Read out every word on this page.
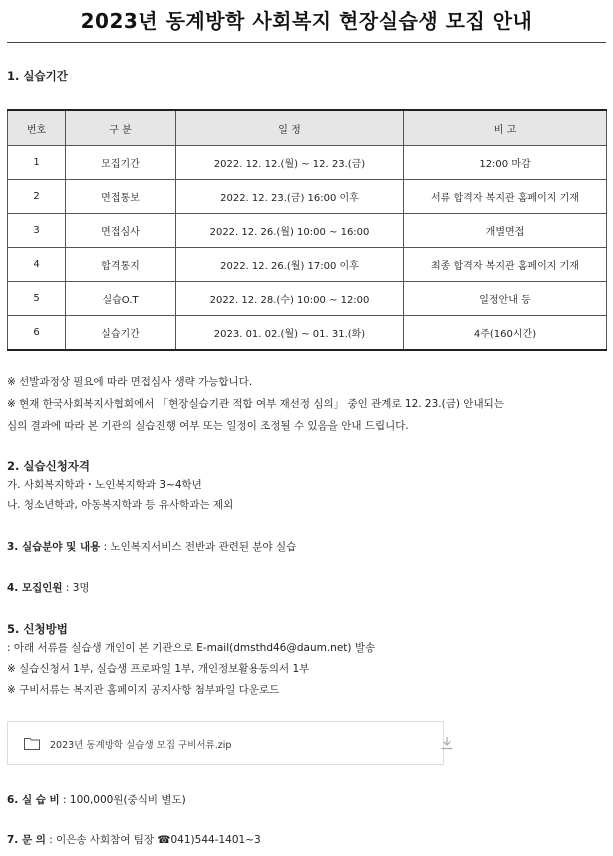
2023년 동계방학 사회복지 현장실습생 모집 안내
1. 실습기간
번호	구 분	일 정	비 고
1	모집기간	2022. 12. 12.(월) ~ 12. 23.(금)	12:00 마감
2	면접통보	2022. 12. 23.(금) 16:00 이후	서류 합격자 복지관 홈페이지 기재
3	면접심사	2022. 12. 26.(월) 10:00 ~ 16:00	개별면접
4	합격통지	2022. 12. 26.(월) 17:00 이후	최종 합격자 복지관 홈페이지 기재
5	실습O.T	2022. 12. 28.(수) 10:00 ~ 12:00	일정안내 등
6	실습기간	2023. 01. 02.(월) ~ 01. 31.(화)	4주(160시간)
※ 선발과정상 필요에 따라 면접심사 생략 가능합니다.
※ 현재 한국사회복지사협회에서 「현장실습기관 적합 여부 재선정 심의」 중인 관계로 12. 23.(금) 안내되는
심의 결과에 따라 본 기관의 실습진행 여부 또는 일정이 조정될 수 있음을 안내 드립니다.
2. 실습신청자격
가. 사회복지학과・노인복지학과 3~4학년
나. 청소년학과, 아동복지학과 등 유사학과는 제외
3. 실습분야 및 내용 : 노인복지서비스 전반과 관련된 분야 실습
4. 모집인원 : 3명
5. 신청방법
: 아래 서류를 실습생 개인이 본 기관으로 E-mail(dmsthd46@daum.net) 발송
※ 실습신청서 1부, 실습생 프로파일 1부, 개인정보활용동의서 1부
※ 구비서류는 복지관 홈페이지 공지사항 첨부파일 다운로드
2023년 동계방학 실습생 모집 구비서류.zip
6. 실 습 비 : 100,000원(중식비 별도)
7. 문 의 : 이은송 사회참여 팀장 ☎041)544-1401~3
